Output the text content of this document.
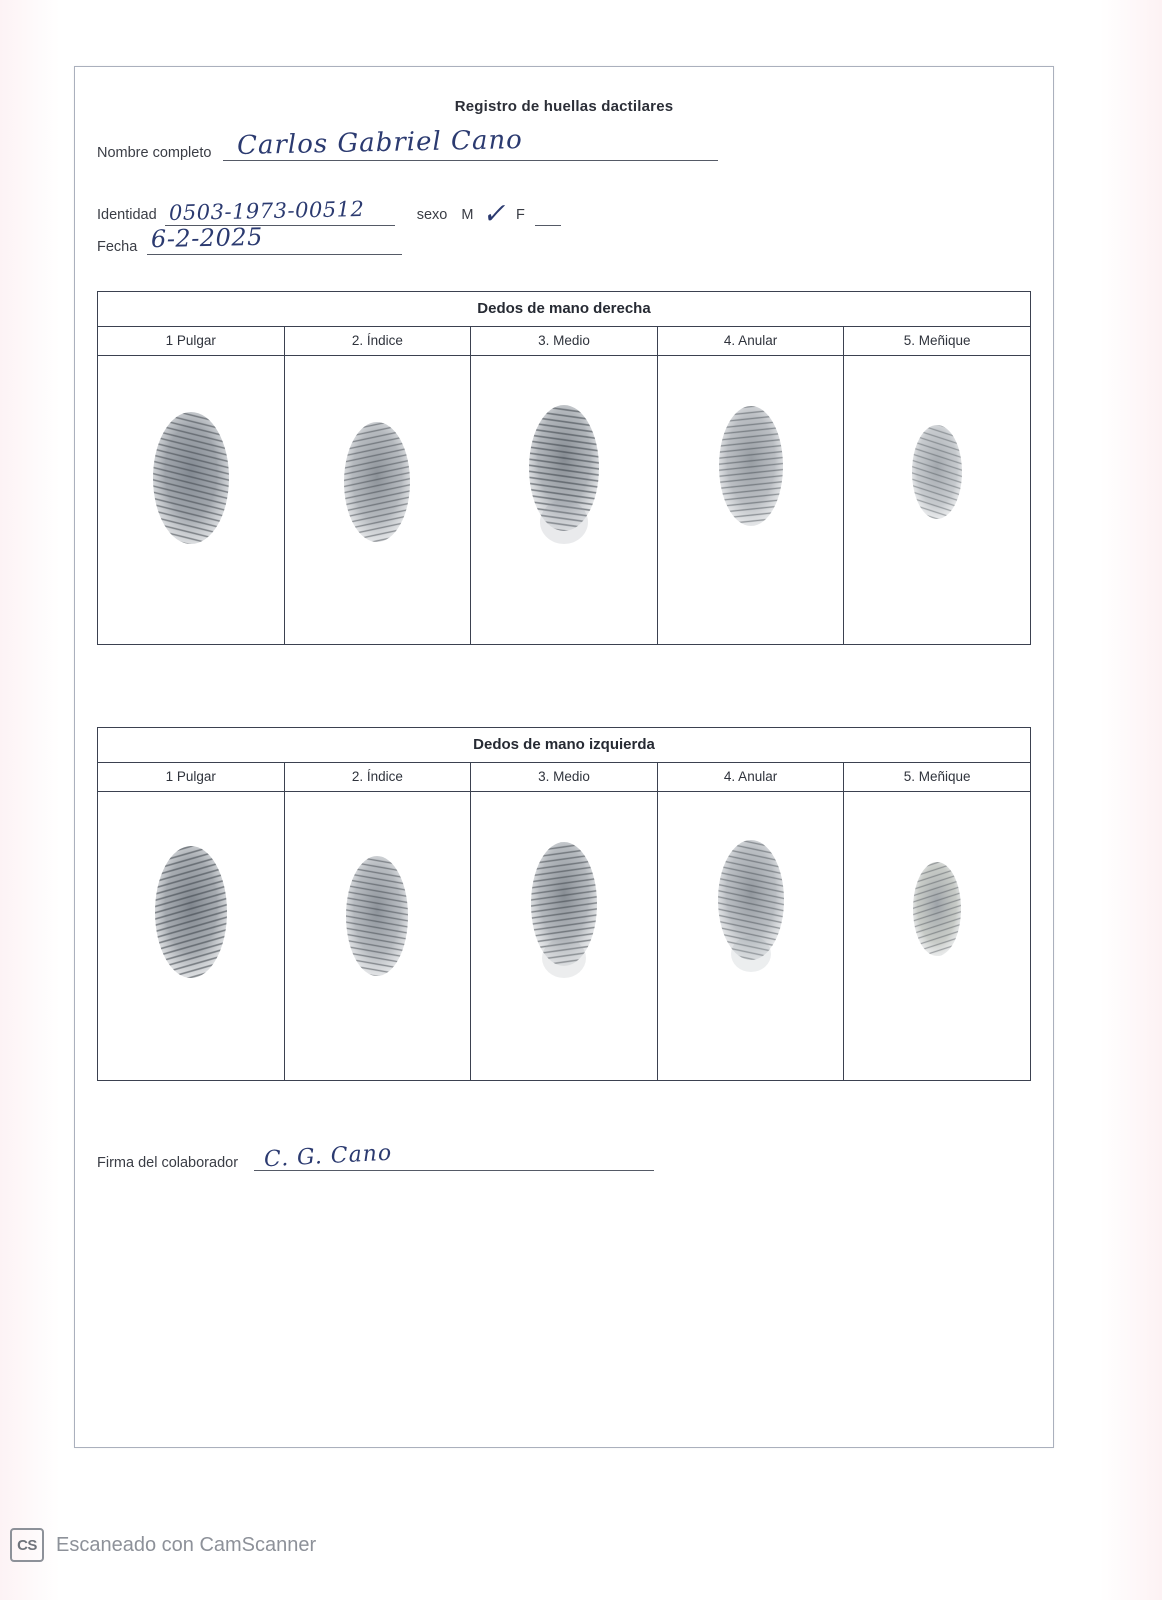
Registro de huellas dactilares
Nombre completo Carlos Gabriel Cano
Identidad 0503-1973-00512	sexo M ✓ F
Fecha 6-2-2025
Dedos de mano derecha
1 Pulgar	2. Índice	3. Medio	4. Anular	5. Meñique
Dedos de mano izquierda
1 Pulgar	2. Índice	3. Medio	4. Anular	5. Meñique
Firma del colaborador C. G. Cano
CS Escaneado con CamScanner
